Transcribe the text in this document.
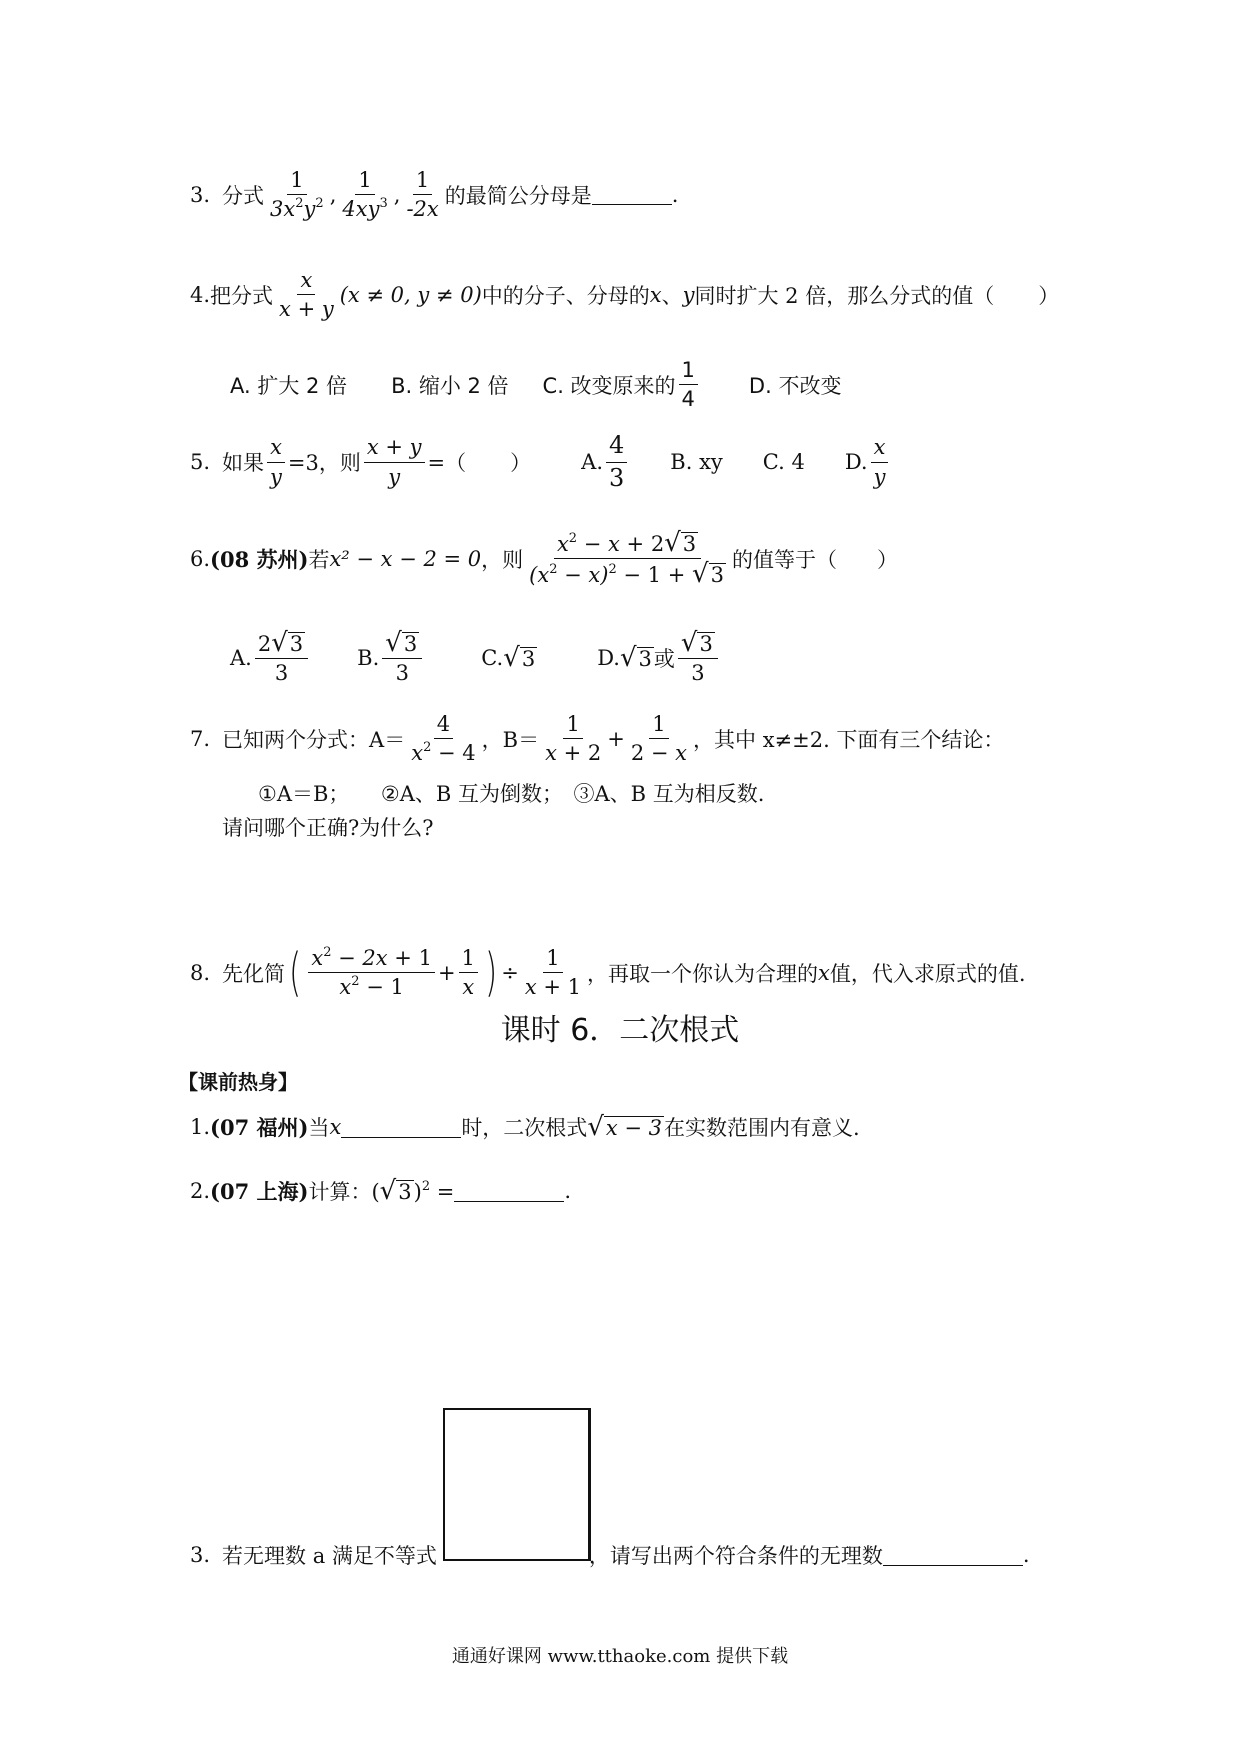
3. 分式 $\frac{1}{3x^2y^2}$ , $\frac{1}{4xy^3}$ , $\frac{1}{-2x}$ 的最简公分母是	.
4. 把分式 $\frac{x}{x + y} (x \ne 0$, y ≠ 0) 中的分子、分母的 x 、 y 同时扩大 2 倍，那么分式的值（ ）
A. 扩大 2 倍 B. 缩小 2 倍 C. 改变原来的 $\frac{1}{4} D$. 不改变
5. 如果 $\frac{x}{y} =3$，则 $\frac{x + y}{y}$ =（ ） A. $\frac{4}{3} B$. xy C. 4 D. $\frac{x}{y}$
6. (08 苏州) 若 x² − x − 2 = 0 ，则 $\frac{x^2 - x + 2 √ 3}{(x^2 - x)^2 - 1 + √ 3}$ 的值等于（ ）
A. $\frac{2 √ 3}{3} B$. $\frac{√ 3}{3}$	C. √ 3	D. √ 3 或 $\frac{√ 3}{3}$
7. 已知两个分式：$A= \frac{4}{x^2 - 4}$ ，$B= \frac{1}{x + 2} + \frac{1}{2 - x}$ ，其中 x≠±2. 下面有三个结论：
①A＝B；　　②A、B 互为倒数；　③A、B 互为相反数.
请问哪个正确?为什么?
8. 先化简 ( $\frac{x^2 - 2x + 1}{x^2 - 1} + \frac{1}{x}$ ) ÷ $\frac{1}{x + 1}$ ，再取一个你认为合理的 x 值，代入求原式的值.
课时 6．二次根式
【课前热身】
1. (07 福州) 当 x	时，二次根式 √ x − 3 在实数范围内有意义.
2. (07 上海) 计算： ( √ 3 )$^2$ =	.
3. 若无理数 a 满足不等式	，请写出两个符合条件的无理数	.
通通好课网 www.tthaoke.com 提供下载
